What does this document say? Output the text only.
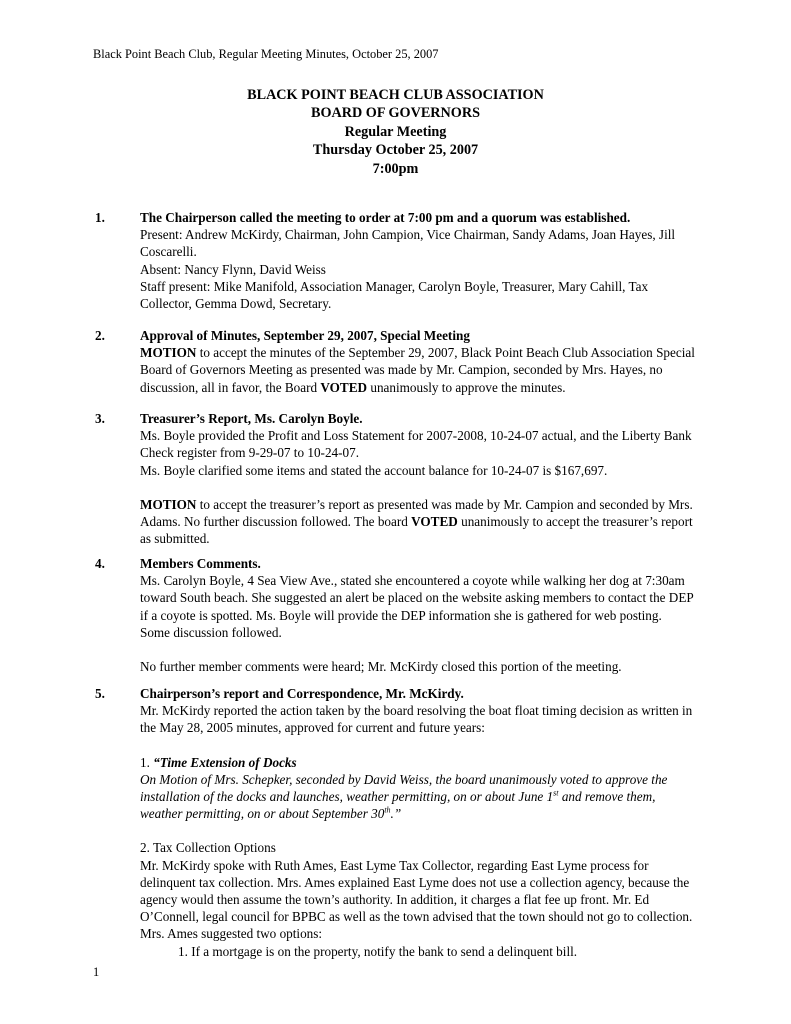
Black Point Beach Club, Regular Meeting Minutes, October 25, 2007
BLACK POINT BEACH CLUB ASSOCIATION
BOARD OF GOVERNORS
Regular Meeting
Thursday October 25, 2007
7:00pm
1.	The Chairperson called the meeting to order at 7:00 pm and a quorum was established.

Present: Andrew McKirdy, Chairman, John Campion, Vice Chairman, Sandy Adams, Joan Hayes, Jill Coscarelli.

Absent: Nancy Flynn, David Weiss

Staff present: Mike Manifold, Association Manager, Carolyn Boyle, Treasurer, Mary Cahill, Tax Collector, Gemma Dowd, Secretary.

2.	Approval of Minutes, September 29, 2007, Special Meeting

MOTION to accept the minutes of the September 29, 2007, Black Point Beach Club Association Special Board of Governors Meeting as presented was made by Mr. Campion, seconded by Mrs. Hayes, no discussion, all in favor, the Board VOTED unanimously to approve the minutes.

3.	Treasurer’s Report, Ms. Carolyn Boyle.

Ms. Boyle provided the Profit and Loss Statement for 2007-2008, 10-24-07 actual, and the Liberty Bank Check register from 9-29-07 to 10-24-07.

Ms. Boyle clarified some items and stated the account balance for 10-24-07 is $167,697.

MOTION to accept the treasurer’s report as presented was made by Mr. Campion and seconded by Mrs. Adams. No further discussion followed. The board VOTED unanimously to accept the treasurer’s report as submitted.

4.	Members Comments.

Ms. Carolyn Boyle, 4 Sea View Ave., stated she encountered a coyote while walking her dog at 7:30am toward South beach. She suggested an alert be placed on the website asking members to contact the DEP if a coyote is spotted. Ms. Boyle will provide the DEP information she is gathered for web posting. Some discussion followed.

No further member comments were heard; Mr. McKirdy closed this portion of the meeting.

5.	Chairperson’s report and Correspondence, Mr. McKirdy.

Mr. McKirdy reported the action taken by the board resolving the boat float timing decision as written in the May 28, 2005 minutes, approved for current and future years:

1. “Time Extension of Docks

On Motion of Mrs. Schepker, seconded by David Weiss, the board unanimously voted to approve the installation of the docks and launches, weather permitting, on or about June 1st and remove them, weather permitting, on or about September 30th.”

2. Tax Collection Options

Mr. McKirdy spoke with Ruth Ames, East Lyme Tax Collector, regarding East Lyme process for delinquent tax collection. Mrs. Ames explained East Lyme does not use a collection agency, because the agency would then assume the town’s authority. In addition, it charges a flat fee up front. Mr. Ed O’Connell, legal council for BPBC as well as the town advised that the town should not go to collection. Mrs. Ames suggested two options:

1. If a mortgage is on the property, notify the bank to send a delinquent bill.

1
